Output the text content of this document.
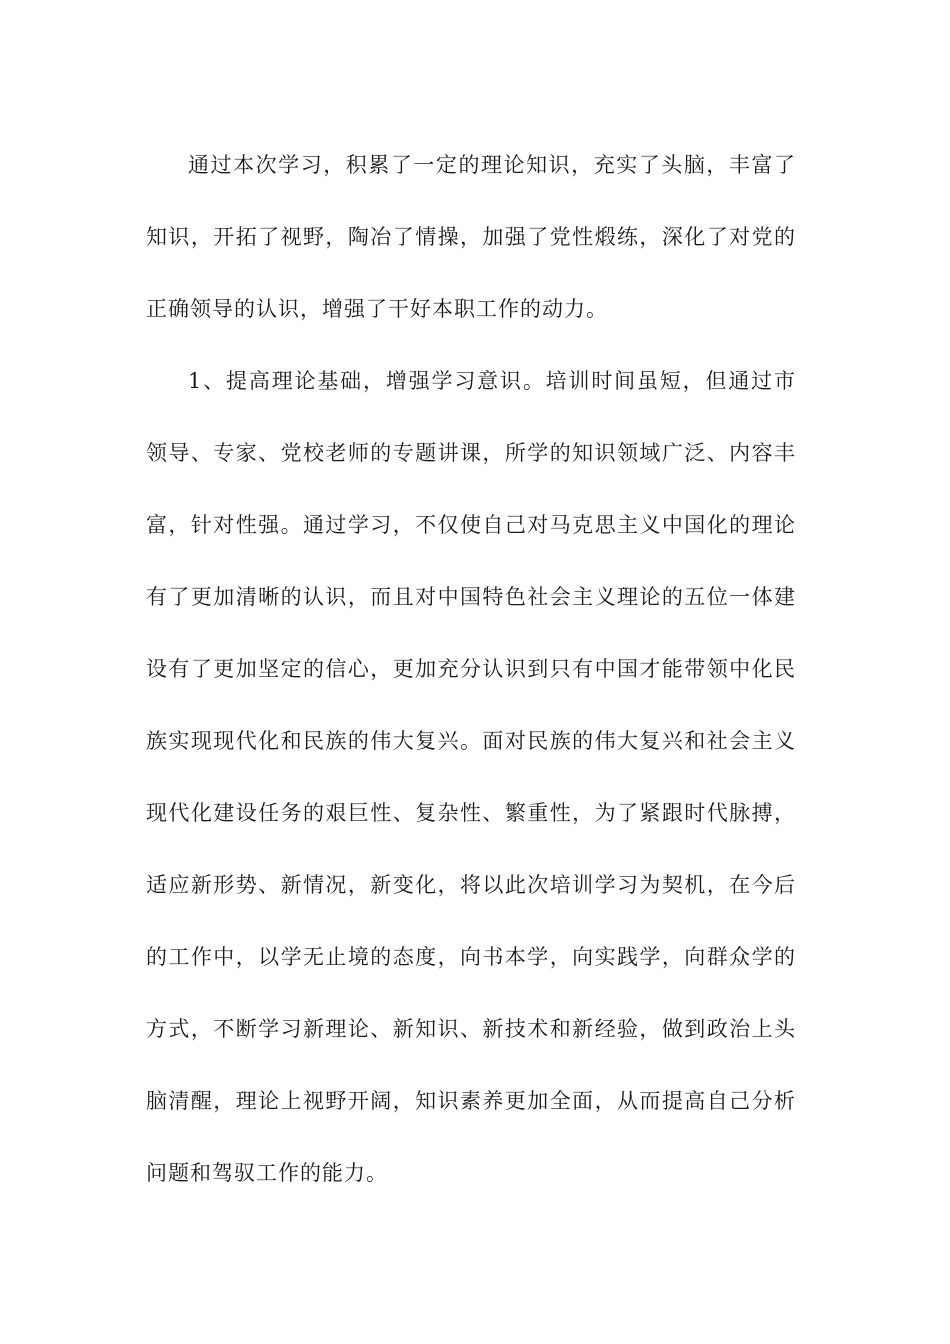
通过本次学习，积累了一定的理论知识，充实了头脑，丰富了知识，开拓了视野，陶冶了情操，加强了党性煅练，深化了对党的正确领导的认识，增强了干好本职工作的动力。

1、提高理论基础，增强学习意识。培训时间虽短，但通过市领导、专家、党校老师的专题讲课，所学的知识领域广泛、内容丰富，针对性强。通过学习，不仅使自己对马克思主义中国化的理论有了更加清晰的认识，而且对中国特色社会主义理论的五位一体建设有了更加坚定的信心，更加充分认识到只有中国才能带领中化民族实现现代化和民族的伟大复兴。面对民族的伟大复兴和社会主义现代化建设任务的艰巨性、复杂性、繁重性，为了紧跟时代脉搏，适应新形势、新情况，新变化，将以此次培训学习为契机，在今后的工作中，以学无止境的态度，向书本学，向实践学，向群众学的方式，不断学习新理论、新知识、新技术和新经验，做到政治上头脑清醒，理论上视野开阔，知识素养更加全面，从而提高自己分析问题和驾驭工作的能力。
